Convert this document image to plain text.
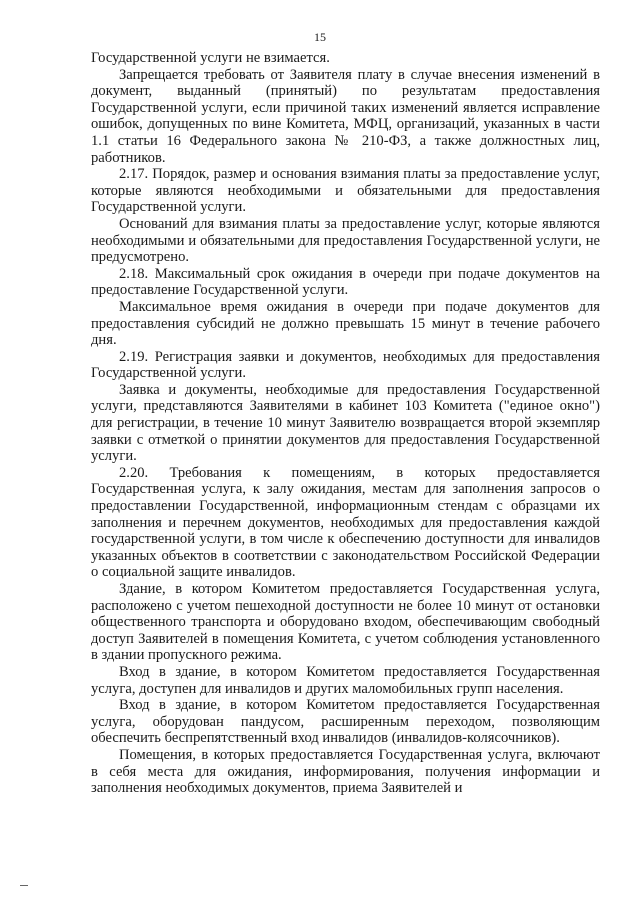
15

Государственной услуги не взимается.

Запрещается требовать от Заявителя плату в случае внесения изменений в документ, выданный (принятый) по результатам предоставления Государственной услуги, если причиной таких изменений является исправление ошибок, допущенных по вине Комитета, МФЦ, организаций, указанных в части 1.1 статьи 16 Федерального закона № 210-ФЗ, а также должностных лиц, работников.

2.17. Порядок, размер и основания взимания платы за предоставление услуг, которые являются необходимыми и обязательными для предоставления Государственной услуги.

Оснований для взимания платы за предоставление услуг, которые являются необходимыми и обязательными для предоставления Государственной услуги, не предусмотрено.

2.18. Максимальный срок ожидания в очереди при подаче документов на предоставление Государственной услуги.

Максимальное время ожидания в очереди при подаче документов для предоставления субсидий не должно превышать 15 минут в течение рабочего дня.

2.19. Регистрация заявки и документов, необходимых для предоставления Государственной услуги.

Заявка и документы, необходимые для предоставления Государственной услуги, представляются Заявителями в кабинет 103 Комитета ("единое окно") для регистрации, в течение 10 минут Заявителю возвращается второй экземпляр заявки с отметкой о принятии документов для предоставления Государственной услуги.

2.20. Требования к помещениям, в которых предоставляется Государственная услуга, к залу ожидания, местам для заполнения запросов о предоставлении Государственной, информационным стендам с образцами их заполнения и перечнем документов, необходимых для предоставления каждой государственной услуги, в том числе к обеспечению доступности для инвалидов указанных объектов в соответствии с законодательством Российской Федерации о социальной защите инвалидов.

Здание, в котором Комитетом предоставляется Государственная услуга, расположено с учетом пешеходной доступности не более 10 минут от остановки общественного транспорта и оборудовано входом, обеспечивающим свободный доступ Заявителей в помещения Комитета, с учетом соблюдения установленного в здании пропускного режима.

Вход в здание, в котором Комитетом предоставляется Государственная услуга, доступен для инвалидов и других маломобильных групп населения.

Вход в здание, в котором Комитетом предоставляется Государственная услуга, оборудован пандусом, расширенным переходом, позволяющим обеспечить беспрепятственный вход инвалидов (инвалидов-колясочников).

Помещения, в которых предоставляется Государственная услуга, включают в себя места для ожидания, информирования, получения информации и заполнения необходимых документов, приема Заявителей и
